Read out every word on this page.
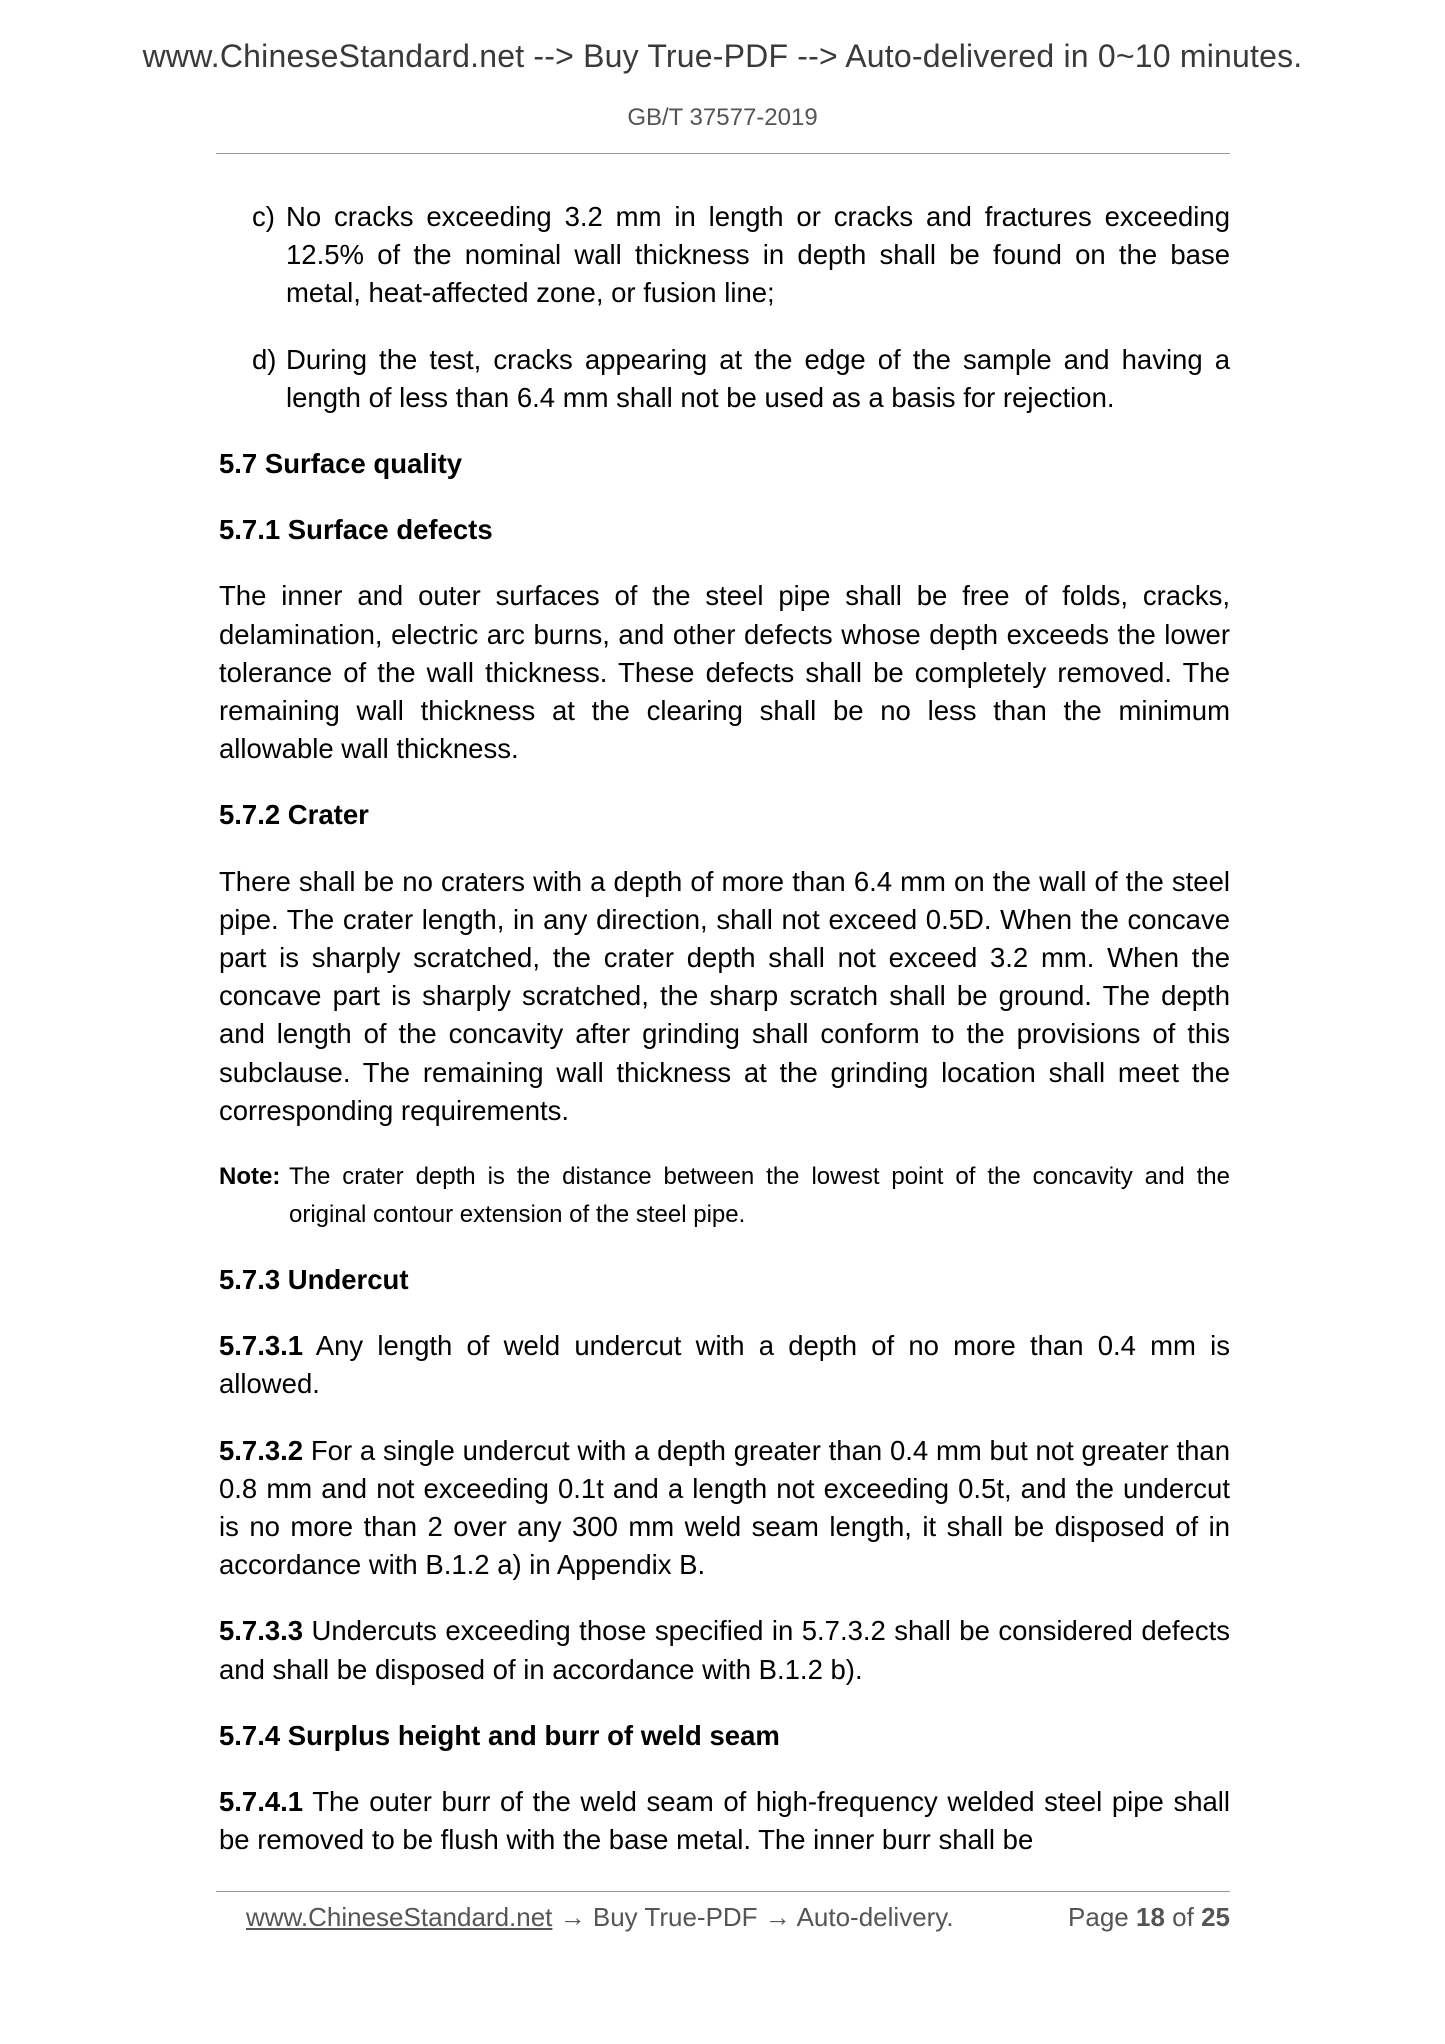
www.ChineseStandard.net --> Buy True-PDF --> Auto-delivered in 0~10 minutes.
GB/T 37577-2019

c) No cracks exceeding 3.2 mm in length or cracks and fractures exceeding 12.5% of the nominal wall thickness in depth shall be found on the base metal, heat-affected zone, or fusion line;

d) During the test, cracks appearing at the edge of the sample and having a length of less than 6.4 mm shall not be used as a basis for rejection.

5.7 Surface quality
5.7.1 Surface defects

The inner and outer surfaces of the steel pipe shall be free of folds, cracks, delamination, electric arc burns, and other defects whose depth exceeds the lower tolerance of the wall thickness. These defects shall be completely removed. The remaining wall thickness at the clearing shall be no less than the minimum allowable wall thickness.

5.7.2 Crater

There shall be no craters with a depth of more than 6.4 mm on the wall of the steel pipe. The crater length, in any direction, shall not exceed 0.5D. When the concave part is sharply scratched, the crater depth shall not exceed 3.2 mm. When the concave part is sharply scratched, the sharp scratch shall be ground. The depth and length of the concavity after grinding shall conform to the provisions of this subclause. The remaining wall thickness at the grinding location shall meet the corresponding requirements.

Note: The crater depth is the distance between the lowest point of the concavity and the original contour extension of the steel pipe.

5.7.3 Undercut

5.7.3.1 Any length of weld undercut with a depth of no more than 0.4 mm is allowed.

5.7.3.2 For a single undercut with a depth greater than 0.4 mm but not greater than 0.8 mm and not exceeding 0.1t and a length not exceeding 0.5t, and the undercut is no more than 2 over any 300 mm weld seam length, it shall be disposed of in accordance with B.1.2 a) in Appendix B.

5.7.3.3 Undercuts exceeding those specified in 5.7.3.2 shall be considered defects and shall be disposed of in accordance with B.1.2 b).

5.7.4 Surplus height and burr of weld seam

5.7.4.1 The outer burr of the weld seam of high-frequency welded steel pipe shall be removed to be flush with the base metal. The inner burr shall be

www.ChineseStandard.net → Buy True-PDF → Auto-delivery.	Page 18 of 25
